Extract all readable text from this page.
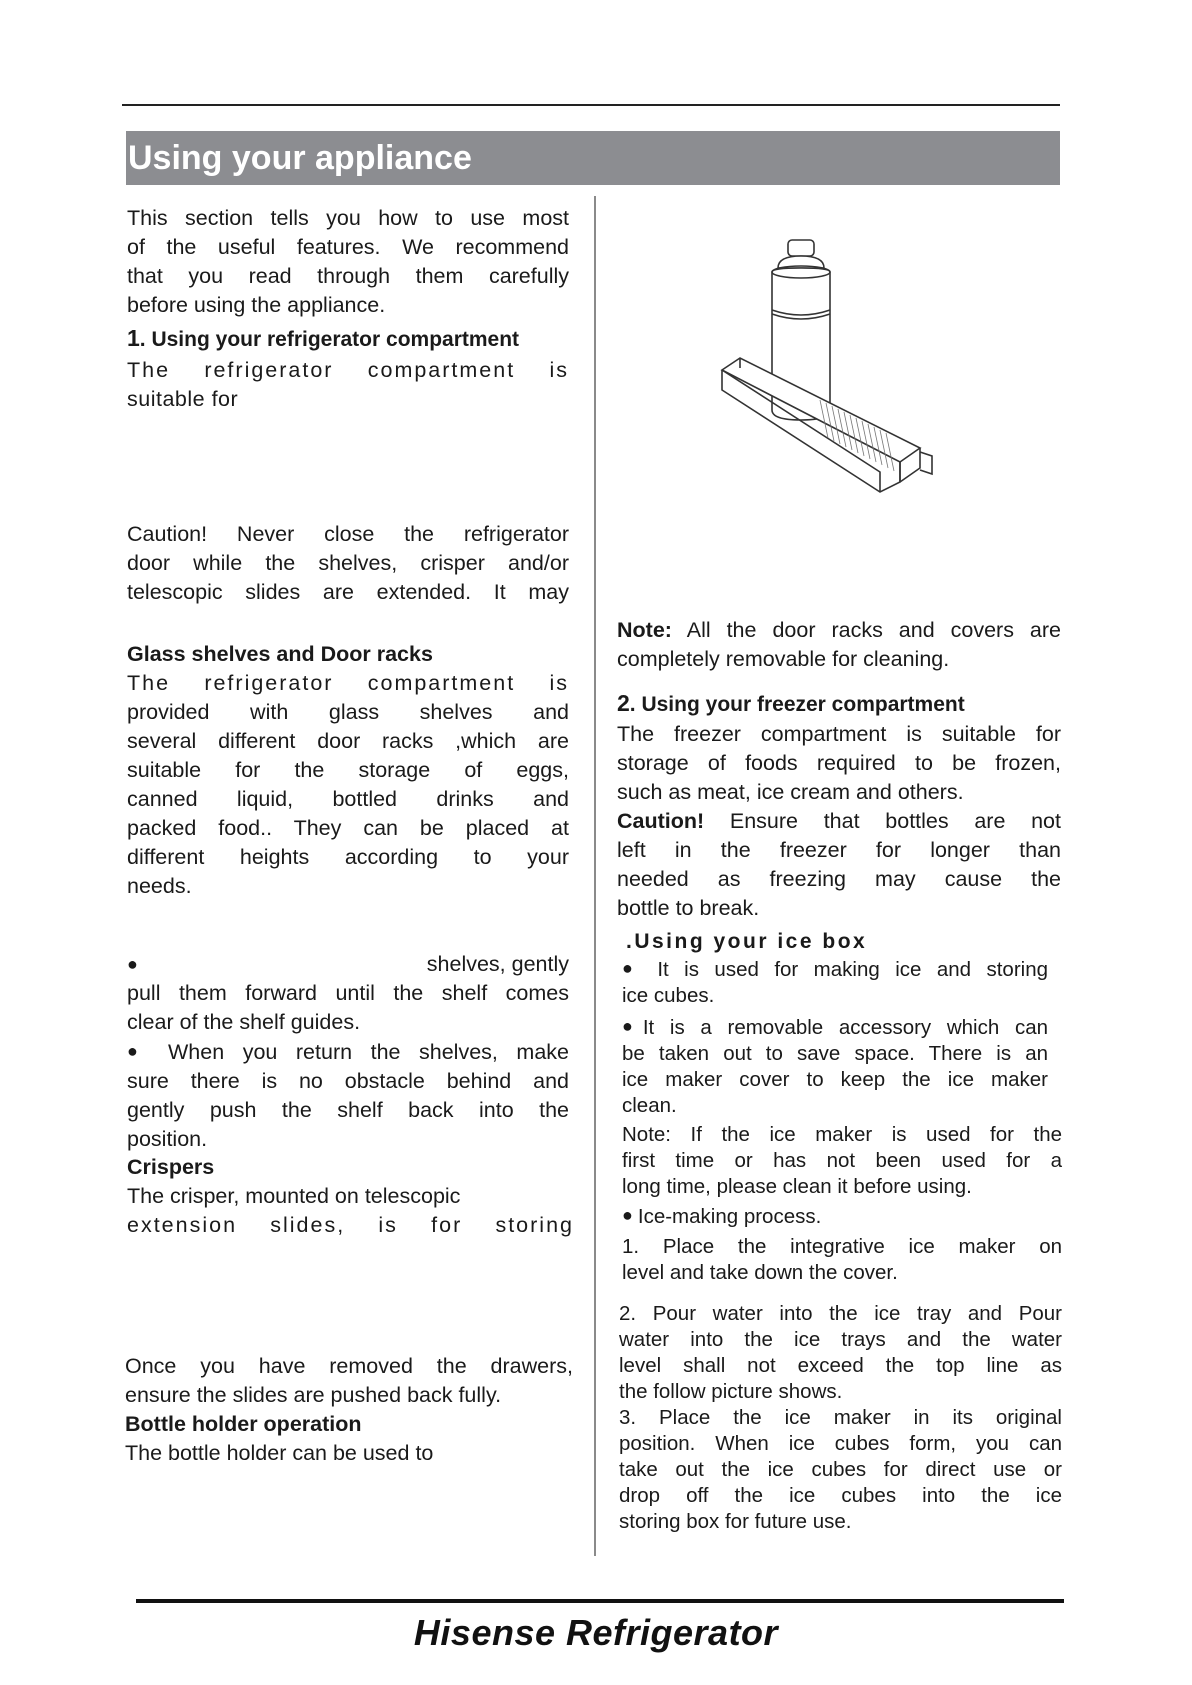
Using your appliance
This section tells you how to use most
of the useful features. We recommend
that you read through them carefully
before using the appliance.
1. Using your refrigerator compartment
The refrigerator compartment is
suitable for
Caution! Never close the refrigerator
door while the shelves, crisper and/or
telescopic slides are extended. It may
Glass shelves and Door racks
The refrigerator compartment is
provided with glass shelves and
several different door racks ,which are
suitable for the storage of eggs,
canned liquid, bottled drinks and
packed food.. They can be placed at
different heights according to your
needs.
●	shelves, gently
pull them forward until the shelf comes
clear of the shelf guides.
● When you return the shelves, make
sure there is no obstacle behind and
gently push the shelf back into the
position.
Crispers
The crisper, mounted on telescopic
extension slides, is for storing
Once you have removed the drawers,
ensure the slides are pushed back fully.
Bottle holder operation
The bottle holder can be used to
Note: All the door racks and covers are
completely removable for cleaning.
2. Using your freezer compartment
The freezer compartment is suitable for
storage of foods required to be frozen,
such as meat, ice cream and others.
Caution! Ensure that bottles are not
left in the freezer for longer than
needed as freezing may cause the
bottle to break.
.Using your ice box
● It is used for making ice and storing
ice cubes.
●It is a removable accessory which can
be taken out to save space. There is an
ice maker cover to keep the ice maker
clean.
Note: If the ice maker is used for the
first time or has not been used for a
long time, please clean it before using.
● Ice-making process.
1. Place the integrative ice maker on
level and take down the cover.
2. Pour water into the ice tray and Pour
water into the ice trays and the water
level shall not exceed the top line as
the follow picture shows.
3. Place the ice maker in its original
position. When ice cubes form, you can
take out the ice cubes for direct use or
drop off the ice cubes into the ice
storing box for future use.
Hisense Refrigerator
